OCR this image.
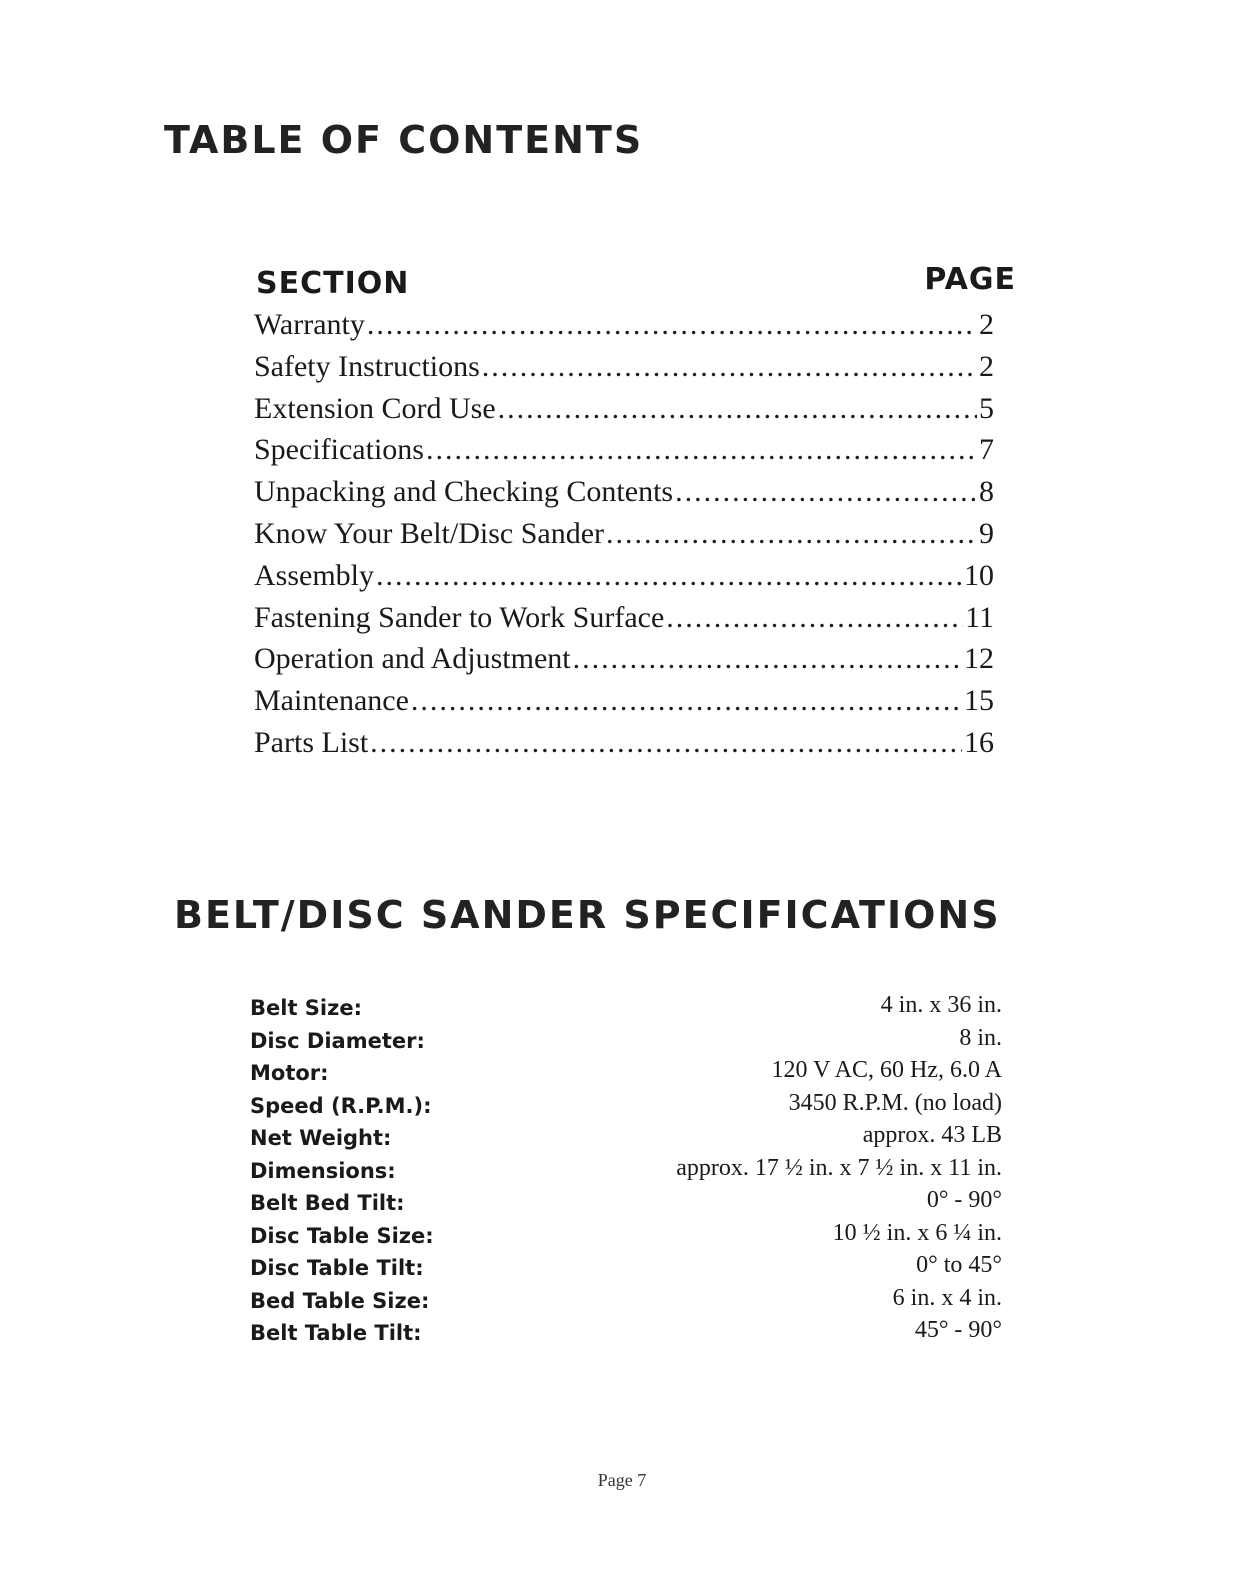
TABLE OF CONTENTS
SECTION	PAGE
Warranty .....	2
Safety Instructions .....	2
Extension Cord Use .....	5
Specifications .....	7
Unpacking and Checking Contents .....	8
Know Your Belt/Disc Sander .....	9
Assembly .....	10
Fastening Sander to Work Surface .....	11
Operation and Adjustment .....	12
Maintenance .....	15
Parts List .....	16
BELT/DISC SANDER SPECIFICATIONS
Belt Size:	4 in. x 36 in.
Disc Diameter:	8 in.
Motor:	120 V AC, 60 Hz, 6.0 A
Speed (R.P.M.):	3450 R.P.M. (no load)
Net Weight:	approx. 43 LB
Dimensions:	approx. 17 ½ in. x 7 ½ in. x 11 in.
Belt Bed Tilt:	0° - 90°
Disc Table Size:	10 ½ in. x 6 ¼ in.
Disc Table Tilt:	0° to 45°
Bed Table Size:	6 in. x 4 in.
Belt Table Tilt:	45° - 90°
Page 7
